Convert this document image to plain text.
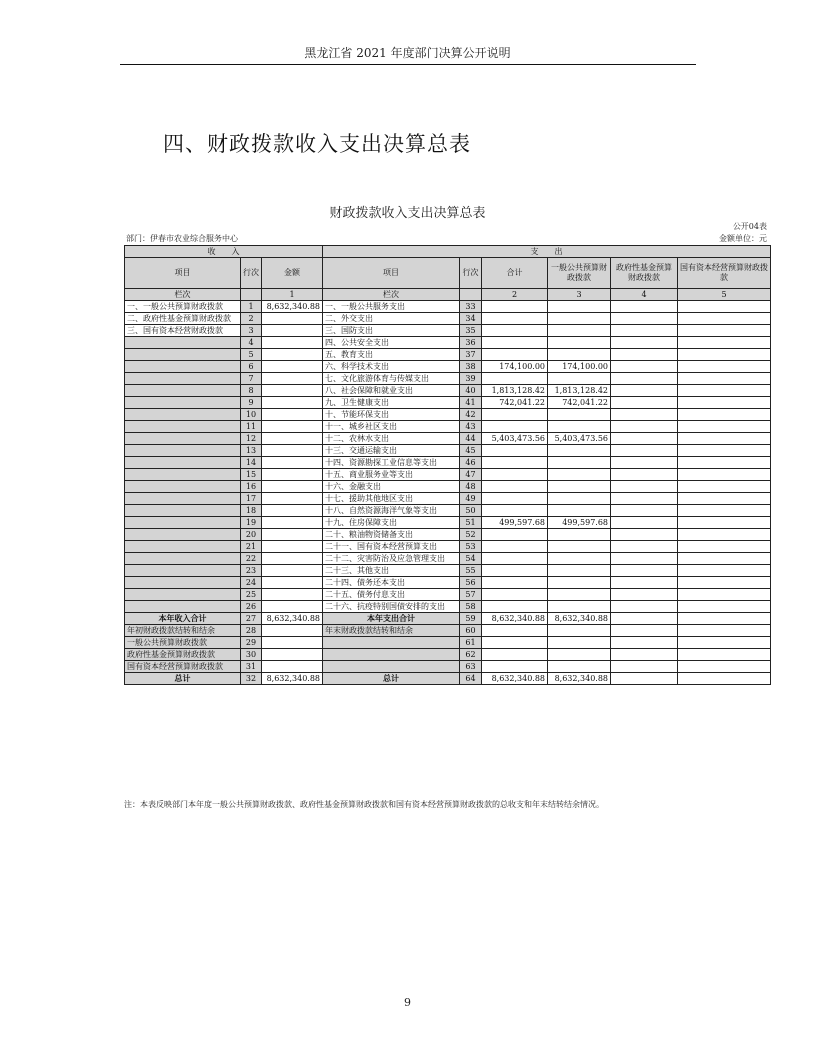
黑龙江省 2021 年度部门决算公开说明
四、财政拨款收入支出决算总表
财政拨款收入支出决算总表
公开04表
部门：伊春市农业综合服务中心	金额单位：元
收　　入			支　　出					
项目	行次	金额	项目	行次	合计	一般公共预算财政拨款	政府性基金预算财政拨款	国有资本经营预算财政拨款
栏次		1	栏次		2	3	4	5
一、一般公共预算财政拨款	1	8,632,340.88	一、一般公共服务支出	33				
二、政府性基金预算财政拨款	2		二、外交支出	34				
三、国有资本经营财政拨款	3		三、国防支出	35				
	4		四、公共安全支出	36				
	5		五、教育支出	37				
	6		六、科学技术支出	38	174,100.00	174,100.00		
	7		七、文化旅游体育与传媒支出	39				
	8		八、社会保障和就业支出	40	1,813,128.42	1,813,128.42		
	9		九、卫生健康支出	41	742,041.22	742,041.22		
	10		十、节能环保支出	42				
	11		十一、城乡社区支出	43				
	12		十二、农林水支出	44	5,403,473.56	5,403,473.56		
	13		十三、交通运输支出	45				
	14		十四、资源勘探工业信息等支出	46				
	15		十五、商业服务业等支出	47				
	16		十六、金融支出	48				
	17		十七、援助其他地区支出	49				
	18		十八、自然资源海洋气象等支出	50				
	19		十九、住房保障支出	51	499,597.68	499,597.68		
	20		二十、粮油物资储备支出	52				
	21		二十一、国有资本经营预算支出	53				
	22		二十二、灾害防治及应急管理支出	54				
	23		二十三、其他支出	55				
	24		二十四、债务还本支出	56				
	25		二十五、债务付息支出	57				
	26		二十六、抗疫特别国债安排的支出	58				
本年收入合计	27	8,632,340.88	本年支出合计	59	8,632,340.88	8,632,340.88		
年初财政拨款结转和结余	28		年末财政拨款结转和结余	60				
一般公共预算财政拨款	29			61				
政府性基金预算财政拨款	30			62				
国有资本经营预算财政拨款	31			63				
总计	32	8,632,340.88	总计	64	8,632,340.88	8,632,340.88		
注：本表反映部门本年度一般公共预算财政拨款、政府性基金预算财政拨款和国有资本经营预算财政拨款的总收支和年末结转结余情况。
9
